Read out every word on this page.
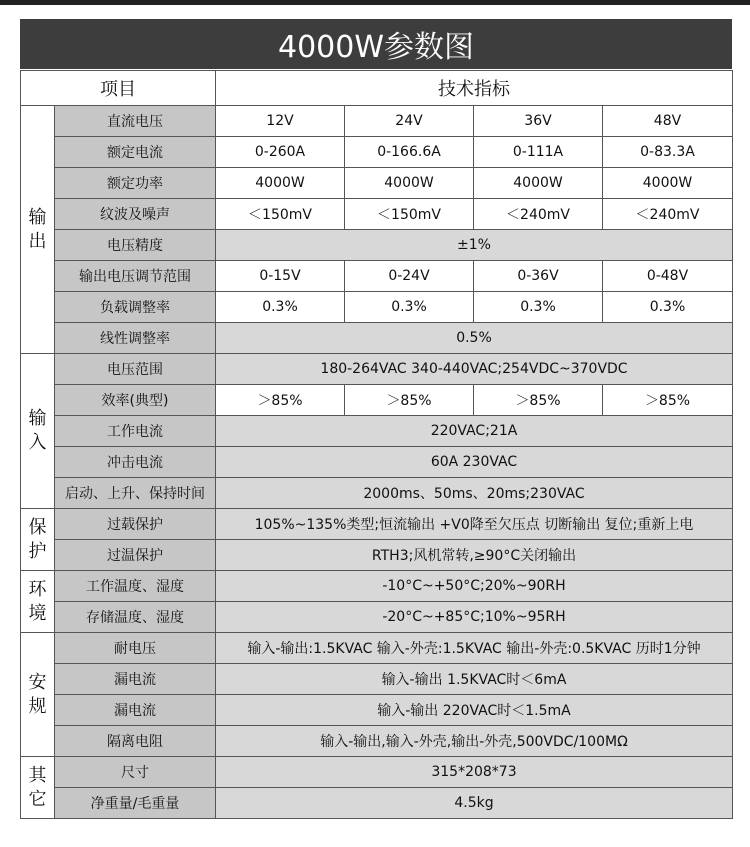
4000W参数图
项目		技术指标			

输
出	直流电压	12V	24V	36V	48V
	额定电流	0-260A	0-166.6A	0-111A	0-83.3A
	额定功率	4000W	4000W	4000W	4000W
	纹波及噪声	＜150mV	＜150mV	＜240mV	＜240mV
	电压精度	±1%			
	输出电压调节范围	0-15V	0-24V	0-36V	0-48V
	负载调整率	0.3%	0.3%	0.3%	0.3%
	线性调整率	0.5%			

输
入	电压范围	180-264VAC 340-440VAC;254VDC~370VDC			
	效率(典型)	＞85%	＞85%	＞85%	＞85%
	工作电流	220VAC;21A			
	冲击电流	60A 230VAC			
	启动、上升、保持时间	2000ms、50ms、20ms;230VAC			

保
护	过载保护	105%~135%类型;恒流输出 +V0降至欠压点 切断输出 复位;重新上电			
	过温保护	RTH3;风机常转,≥90°C关闭输出			

环
境	工作温度、湿度	-10°C~+50°C;20%~90RH			
	存储温度、湿度	-20°C~+85°C;10%~95RH			

安
规	耐电压	输入-输出:1.5KVAC 输入-外壳:1.5KVAC 输出-外壳:0.5KVAC 历时1分钟			
	漏电流	输入-输出 1.5KVAC时＜6mA			
	漏电流	输入-输出 220VAC时＜1.5mA			
	隔离电阻	输入-输出,输入-外壳,输出-外壳,500VDC/100MΩ			

其
它	尺寸	315*208*73			
	净重量/毛重量	4.5kg			
